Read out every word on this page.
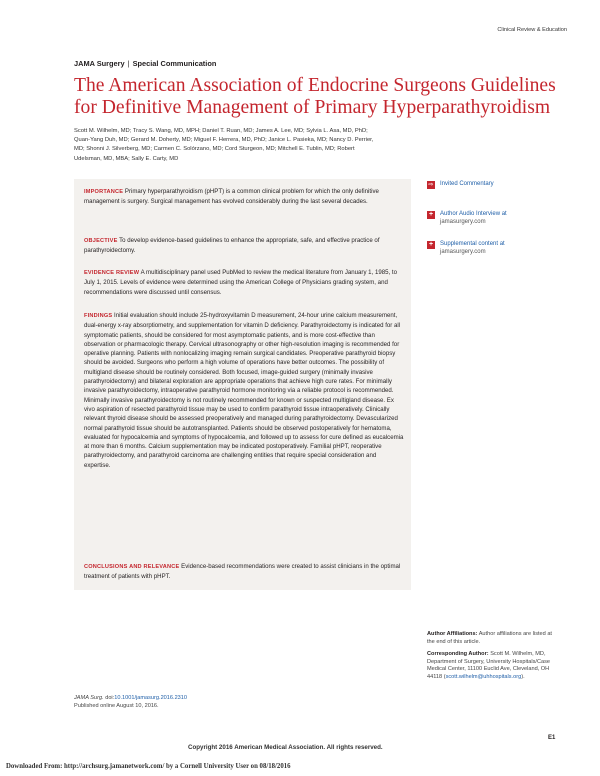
Clinical Review & Education
JAMA Surgery | Special Communication
The American Association of Endocrine Surgeons Guidelines for Definitive Management of Primary Hyperparathyroidism
Scott M. Wilhelm, MD; Tracy S. Wang, MD, MPH; Daniel T. Ruan, MD; James A. Lee, MD; Sylvia L. Asa, MD, PhD; Quan-Yang Duh, MD; Gerard M. Doherty, MD; Miguel F. Herrera, MD, PhD; Janice L. Pasieka, MD; Nancy D. Perrier, MD; Shonni J. Silverberg, MD; Carmen C. Solórzano, MD; Cord Sturgeon, MD; Mitchell E. Tublin, MD; Robert Udelsman, MD, MBA; Sally E. Carty, MD

IMPORTANCE Primary hyperparathyroidism (pHPT) is a common clinical problem for which the only definitive management is surgery. Surgical management has evolved considerably during the last several decades.

OBJECTIVE To develop evidence-based guidelines to enhance the appropriate, safe, and effective practice of parathyroidectomy.

EVIDENCE REVIEW A multidisciplinary panel used PubMed to review the medical literature from January 1, 1985, to July 1, 2015. Levels of evidence were determined using the American College of Physicians grading system, and recommendations were discussed until consensus.

FINDINGS Initial evaluation should include 25-hydroxyvitamin D measurement, 24-hour urine calcium measurement, dual-energy x-ray absorptiometry, and supplementation for vitamin D deficiency. Parathyroidectomy is indicated for all symptomatic patients, should be considered for most asymptomatic patients, and is more cost-effective than observation or pharmacologic therapy. Cervical ultrasonography or other high-resolution imaging is recommended for operative planning. Patients with nonlocalizing imaging remain surgical candidates. Preoperative parathyroid biopsy should be avoided. Surgeons who perform a high volume of operations have better outcomes. The possibility of multigland disease should be routinely considered. Both focused, image-guided surgery (minimally invasive parathyroidectomy) and bilateral exploration are appropriate operations that achieve high cure rates. For minimally invasive parathyroidectomy, intraoperative parathyroid hormone monitoring via a reliable protocol is recommended. Minimally invasive parathyroidectomy is not routinely recommended for known or suspected multigland disease. Ex vivo aspiration of resected parathyroid tissue may be used to confirm parathyroid tissue intraoperatively. Clinically relevant thyroid disease should be assessed preoperatively and managed during parathyroidectomy. Devascularized normal parathyroid tissue should be autotransplanted. Patients should be observed postoperatively for hematoma, evaluated for hypocalcemia and symptoms of hypocalcemia, and followed up to assess for cure defined as eucalcemia at more than 6 months. Calcium supplementation may be indicated postoperatively. Familial pHPT, reoperative parathyroidectomy, and parathyroid carcinoma are challenging entities that require special consideration and expertise.

CONCLUSIONS AND RELEVANCE Evidence-based recommendations were created to assist clinicians in the optimal treatment of patients with pHPT.

⇨ Invited Commentary
+	Author Audio Interview at
jamasurgery.com
+	Supplemental content at
jamasurgery.com
Author Affiliations: Author affiliations are listed at the end of this article.
Corresponding Author: Scott M. Wilhelm, MD, Department of Surgery, University Hospitals/Case Medical Center, 11100 Euclid Ave, Cleveland, OH 44118 (scott.wilhelm@uhhospitals.org).
JAMA Surg. doi:10.1001/jamasurg.2016.2310
Published online August 10, 2016.
Copyright 2016 American Medical Association. All rights reserved.
E1
Downloaded From: http://archsurg.jamanetwork.com/ by a Cornell University User on 08/18/2016
